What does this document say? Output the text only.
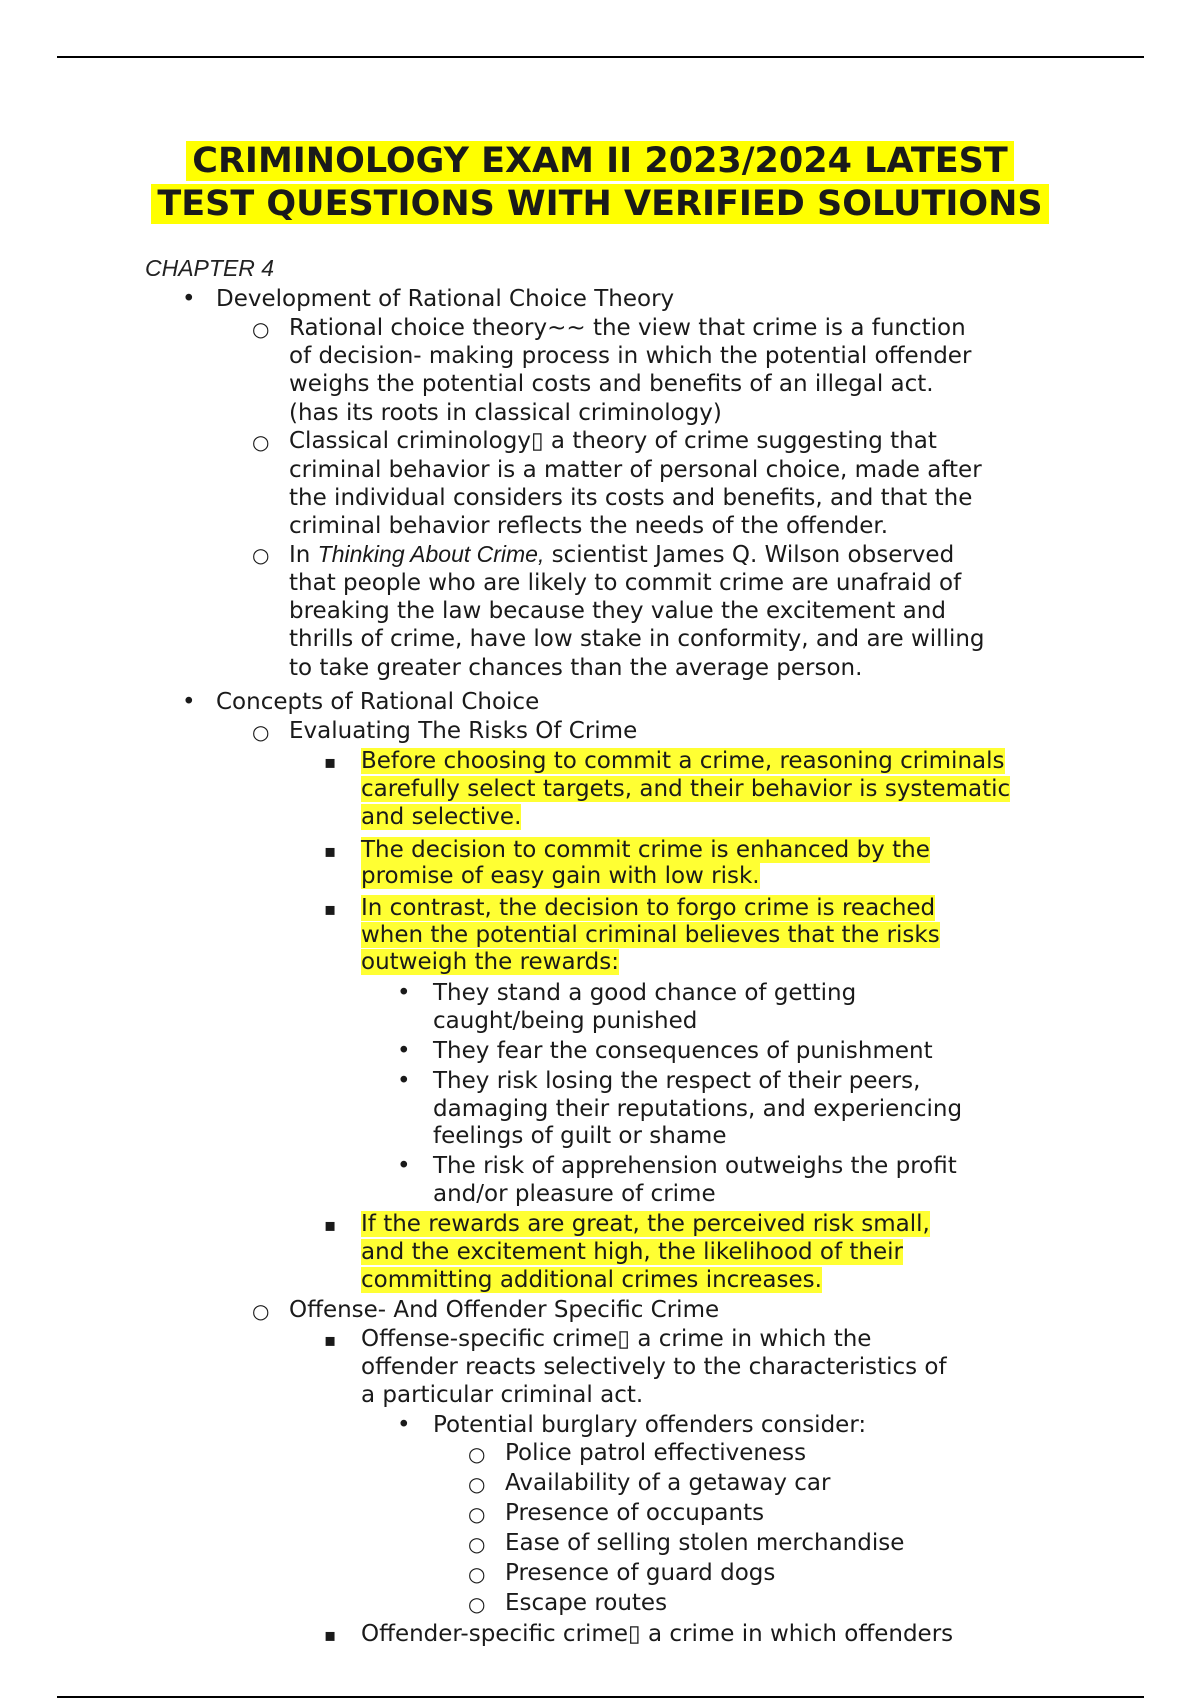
CRIMINOLOGY EXAM II 2023/2024 LATEST
TEST QUESTIONS WITH VERIFIED SOLUTIONS
CHAPTER 4
• Development of Rational Choice Theory
○ Rational choice theory~~ the view that crime is a function
of decision- making process in which the potential offender
weighs the potential costs and benefits of an illegal act.
(has its roots in classical criminology)
○ Classical criminology▯ a theory of crime suggesting that
criminal behavior is a matter of personal choice, made after
the individual considers its costs and benefits, and that the
criminal behavior reflects the needs of the offender.
○ In Thinking About Crime, scientist James Q. Wilson observed
that people who are likely to commit crime are unafraid of
breaking the law because they value the excitement and
thrills of crime, have low stake in conformity, and are willing
to take greater chances than the average person.
• Concepts of Rational Choice
○ Evaluating The Risks Of Crime
▪ Before choosing to commit a crime, reasoning criminals
carefully select targets, and their behavior is systematic
and selective.
▪ The decision to commit crime is enhanced by the
promise of easy gain with low risk.
▪ In contrast, the decision to forgo crime is reached
when the potential criminal believes that the risks
outweigh the rewards:
• They stand a good chance of getting
caught/being punished
• They fear the consequences of punishment
• They risk losing the respect of their peers,
damaging their reputations, and experiencing
feelings of guilt or shame
• The risk of apprehension outweighs the profit
and/or pleasure of crime
▪ If the rewards are great, the perceived risk small,
and the excitement high, the likelihood of their
committing additional crimes increases.
○ Offense- And Offender Specific Crime
▪ Offense-specific crime▯ a crime in which the
offender reacts selectively to the characteristics of
a particular criminal act.
• Potential burglary offenders consider:
○ Police patrol effectiveness
○ Availability of a getaway car
○ Presence of occupants
○ Ease of selling stolen merchandise
○ Presence of guard dogs
○ Escape routes
▪ Offender-specific crime▯ a crime in which offenders
